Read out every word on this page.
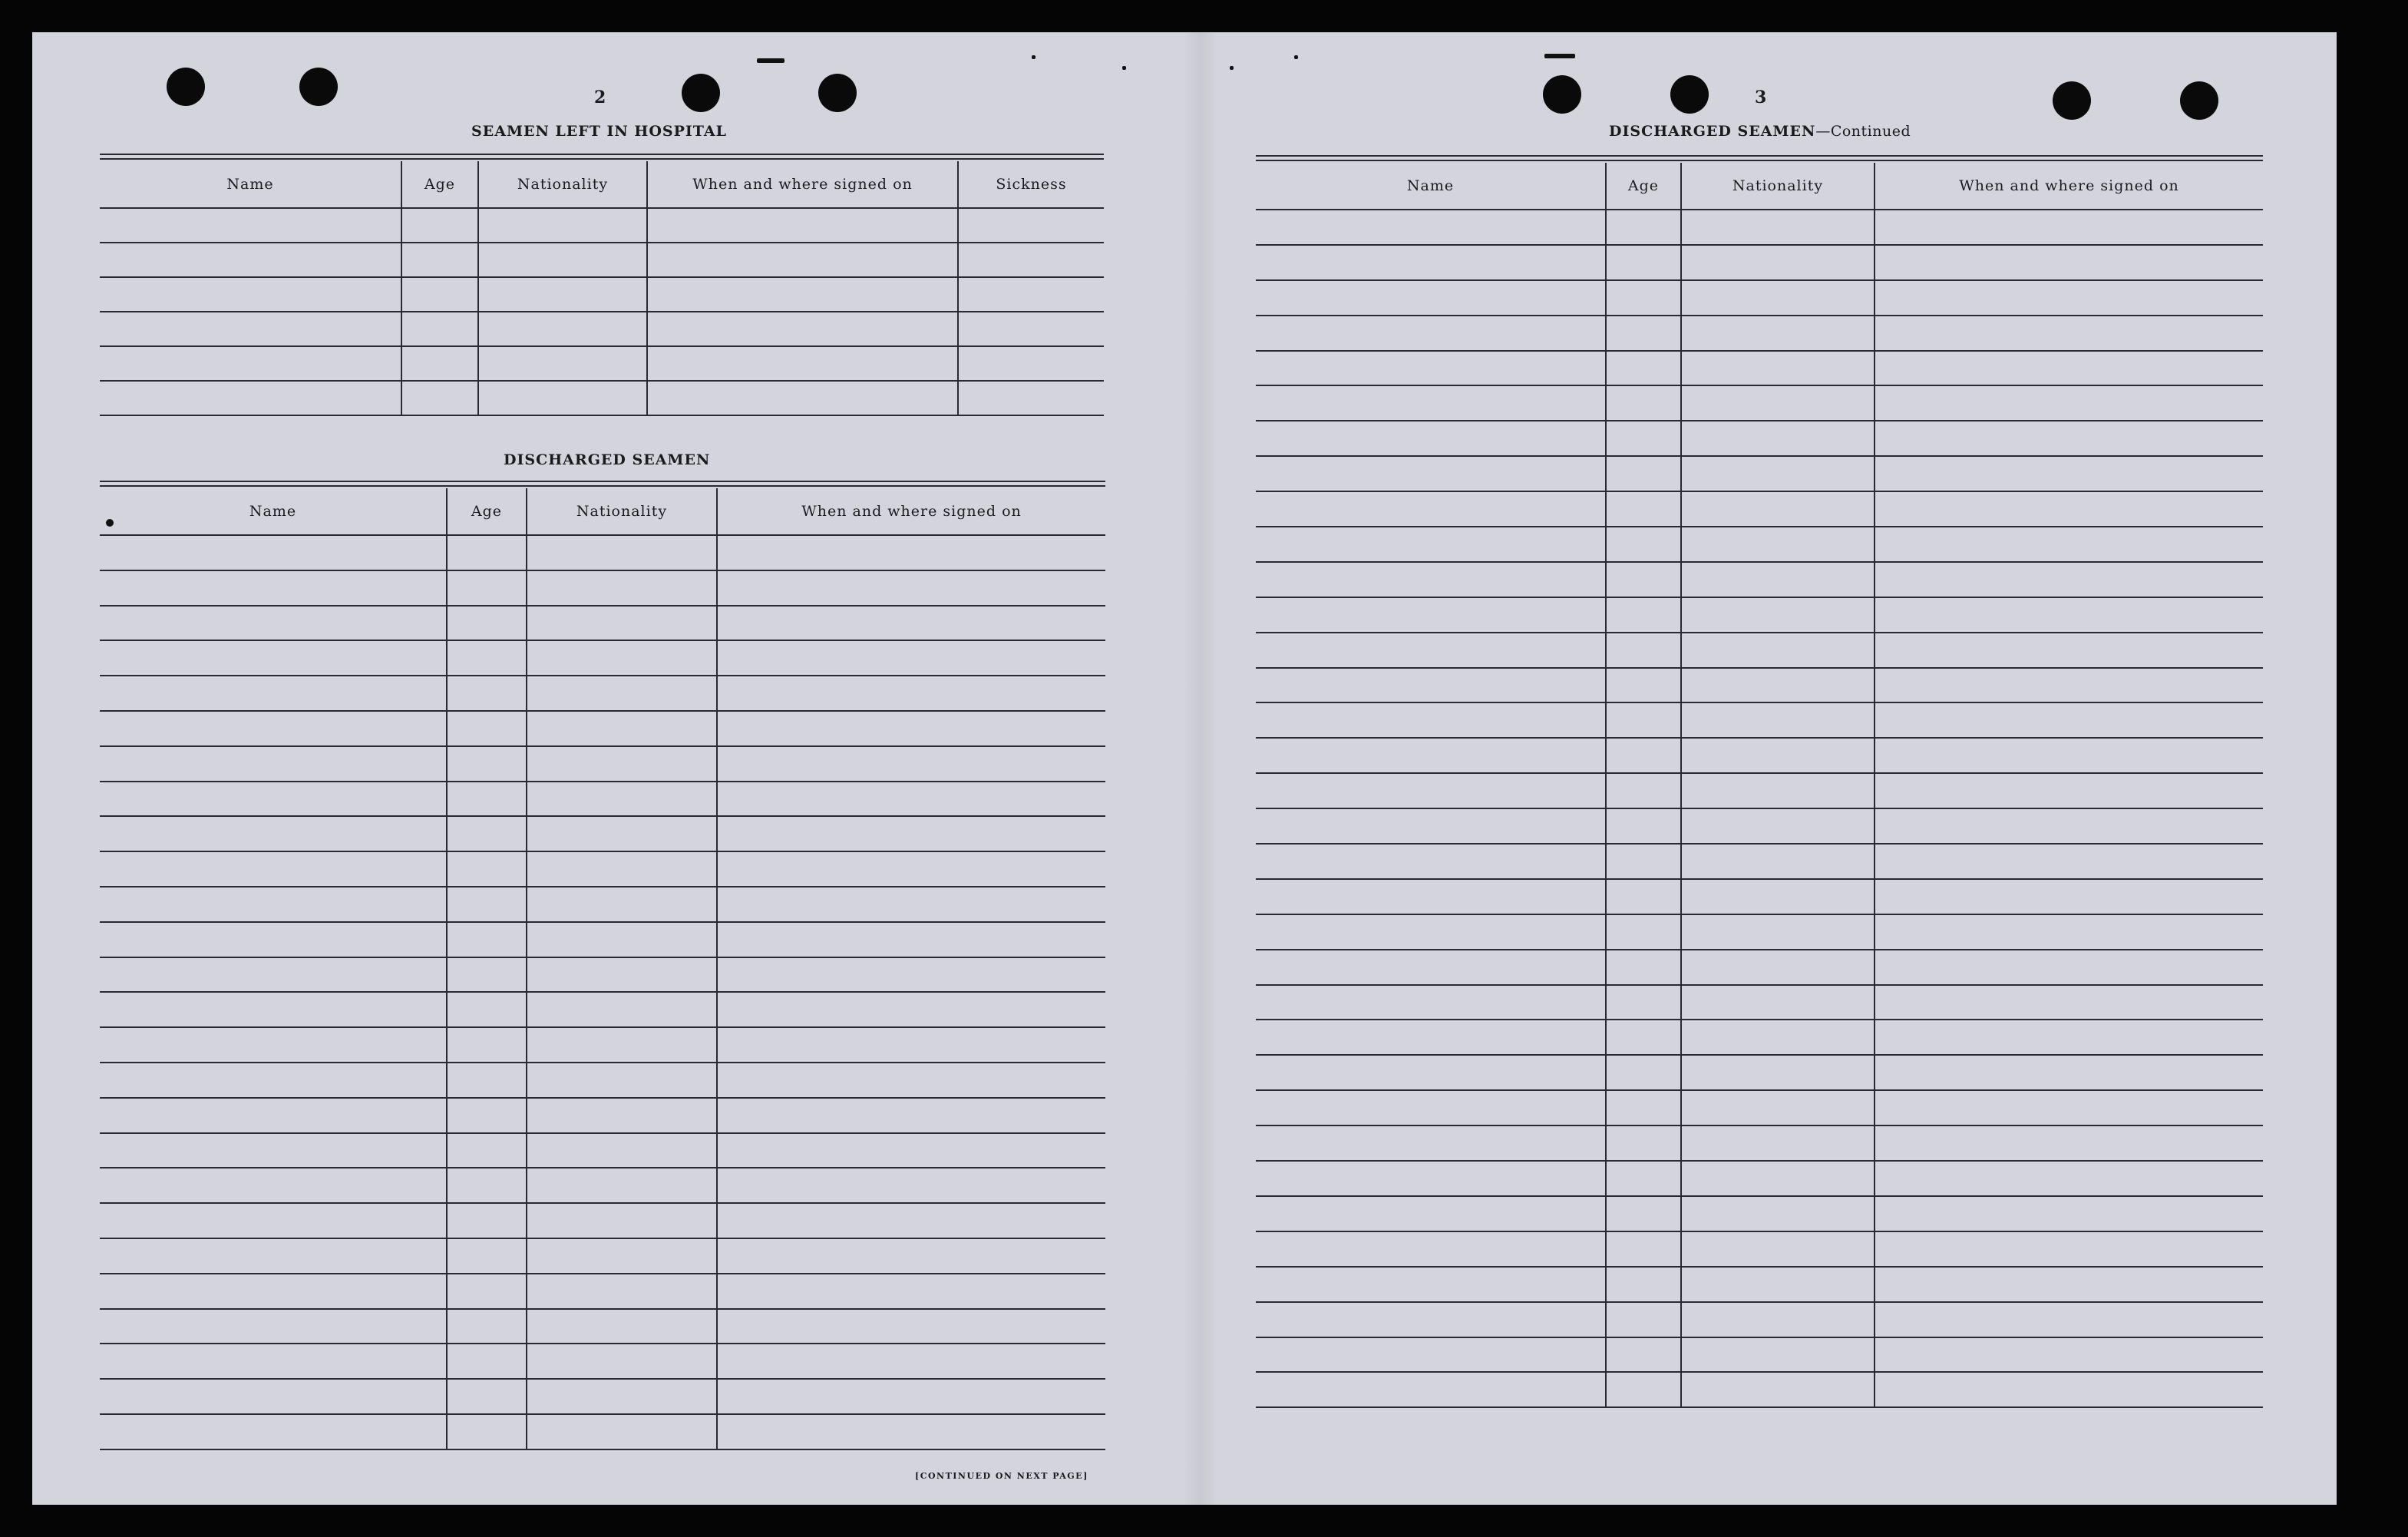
2
SEAMEN LEFT IN HOSPITAL
Name	Age	Nationality	When and where signed on	Sickness

DISCHARGED SEAMEN
Name	Age	Nationality	When and where signed on

[CONTINUED ON NEXT PAGE]
3
DISCHARGED SEAMEN—Continued
Name	Age	Nationality	When and where signed on
